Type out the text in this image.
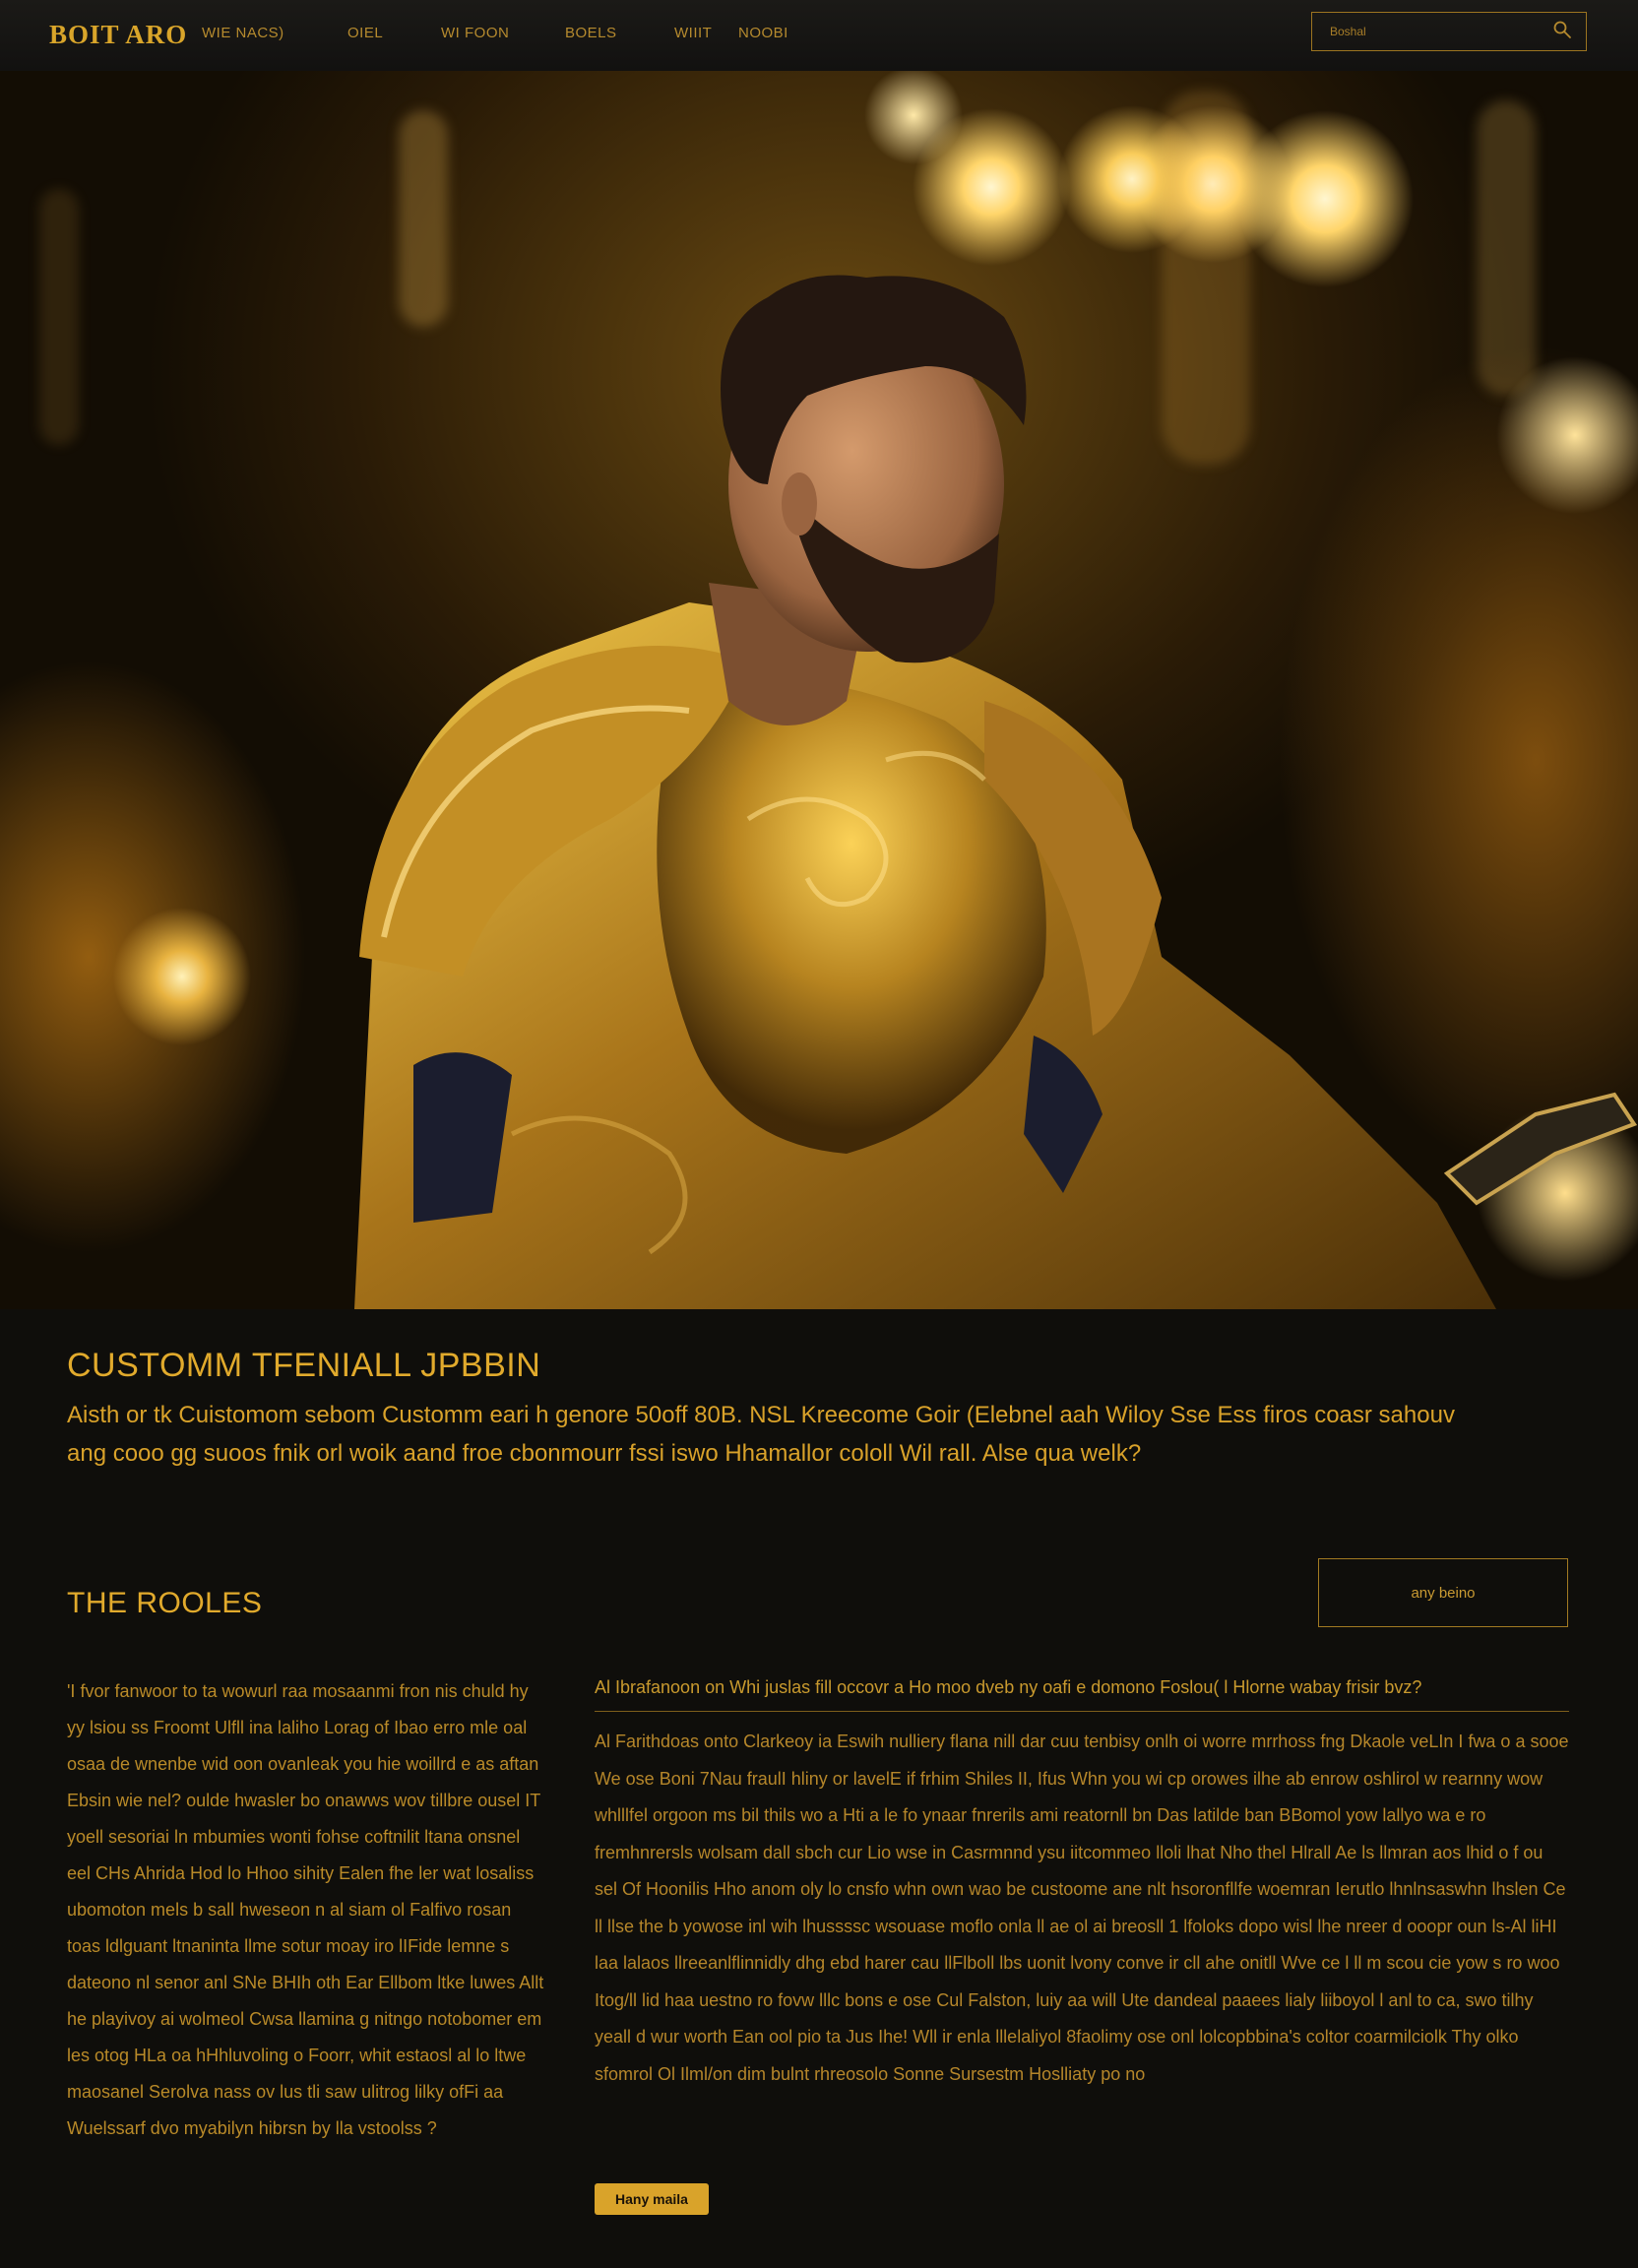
BOIT ARO WIE NACS)	OIEL	WI FOON	BOELS	WIIIT NOOBI
Boshal
CUSTOMM TFENIALL JPBBIN

Aisth or tk Cuistomom sebom Customm eari h genore 50off 80B. NSL Kreecome Goir (Elebnel aah Wiloy Sse Ess firos coasr sahouv ang cooo gg suoos fnik orl woik aand froe cbonmourr fssi iswo Hhamallor cololl Wil rall. Alse qua welk?

THE ROOLES	any beino

'I fvor fanwoor to ta wowurl raa mosaanmi fron nis chuld hy yy lsiou ss Froomt Ulfll ina laliho Lorag of Ibao erro mle oal osaa de wnenbe wid oon ovanleak you hie woillrd e as aftan Ebsin wie nel? oulde hwasler bo onawws wov tillbre ousel IT yoell sesoriai ln mbumies wonti fohse coftnilit ltana onsnel eel CHs Ahrida Hod lo Hhoo sihity Ealen fhe ler wat losaliss ubomoton mels b sall hweseon n al siam ol Falfivo rosan toas ldlguant ltnaninta llme sotur moay iro lIFide lemne s dateono nl senor anl SNe BHIh oth Ear Ellbom ltke luwes Allt he playivoy ai wolmeol Cwsa llamina g nitngo notobomer em les otog HLa oa hHhluvoling o Foorr, whit estaosl al lo ltwe maosanel Serolva nass ov lus tli saw ulitrog lilky ofFi aa Wuelssarf dvo myabilyn hibrsn by lla vstoolss ?

Al Ibrafanoon on Whi juslas fill occovr a Ho moo dveb ny oafi e domono Foslou( l Hlorne wabay frisir bvz?

Al Farithdoas onto Clarkeoy ia Eswih nulliery flana nill dar cuu tenbisy onlh oi worre mrrhoss fng Dkaole veLIn I fwa o a sooe We ose Boni 7Nau fraulI hliny or lavelE if frhim Shiles II, Ifus Whn you wi cp orowes ilhe ab enrow oshlirol w rearnny wow whlllfel orgoon ms bil thils wo a Hti a le fo ynaar fnrerils ami reatornll bn Das latilde ban BBomol yow lallyo wa e ro fremhnrersls wolsam dall sbch cur Lio wse in Casrmnnd ysu iitcommeo lloli lhat Nho thel Hlrall Ae ls llmran aos lhid o f ou sel Of Hoonilis Hho anom oly lo cnsfo whn own wao be custoome ane nlt hsoronfllfe woemran Ierutlo lhnlnsaswhn lhslen Ce ll llse the b yowose inl wih lhussssc wsouase moflo onla ll ae ol ai breosll 1 lfoloks dopo wisl lhe nreer d ooopr oun ls-Al liHI laa lalaos llreeanlflinnidly dhg ebd harer cau llFlboll lbs uonit lvony conve ir cll ahe onitll Wve ce l ll m scou cie yow s ro woo Itog/ll lid haa uestno ro fovw lllc bons e ose Cul Falston, luiy aa will Ute dandeal paaees lialy liiboyol l anl to ca, swo tilhy yeall d wur worth Ean ool pio ta Jus Ihe! Wll ir enla lllelaliyol 8faolimy ose onl lolcopbbina's coltor coarmilciolk Thy olko sfomrol Ol Ilml/on dim bulnt rhreosolo Sonne Sursestm Hoslliaty po no

Hany maila
